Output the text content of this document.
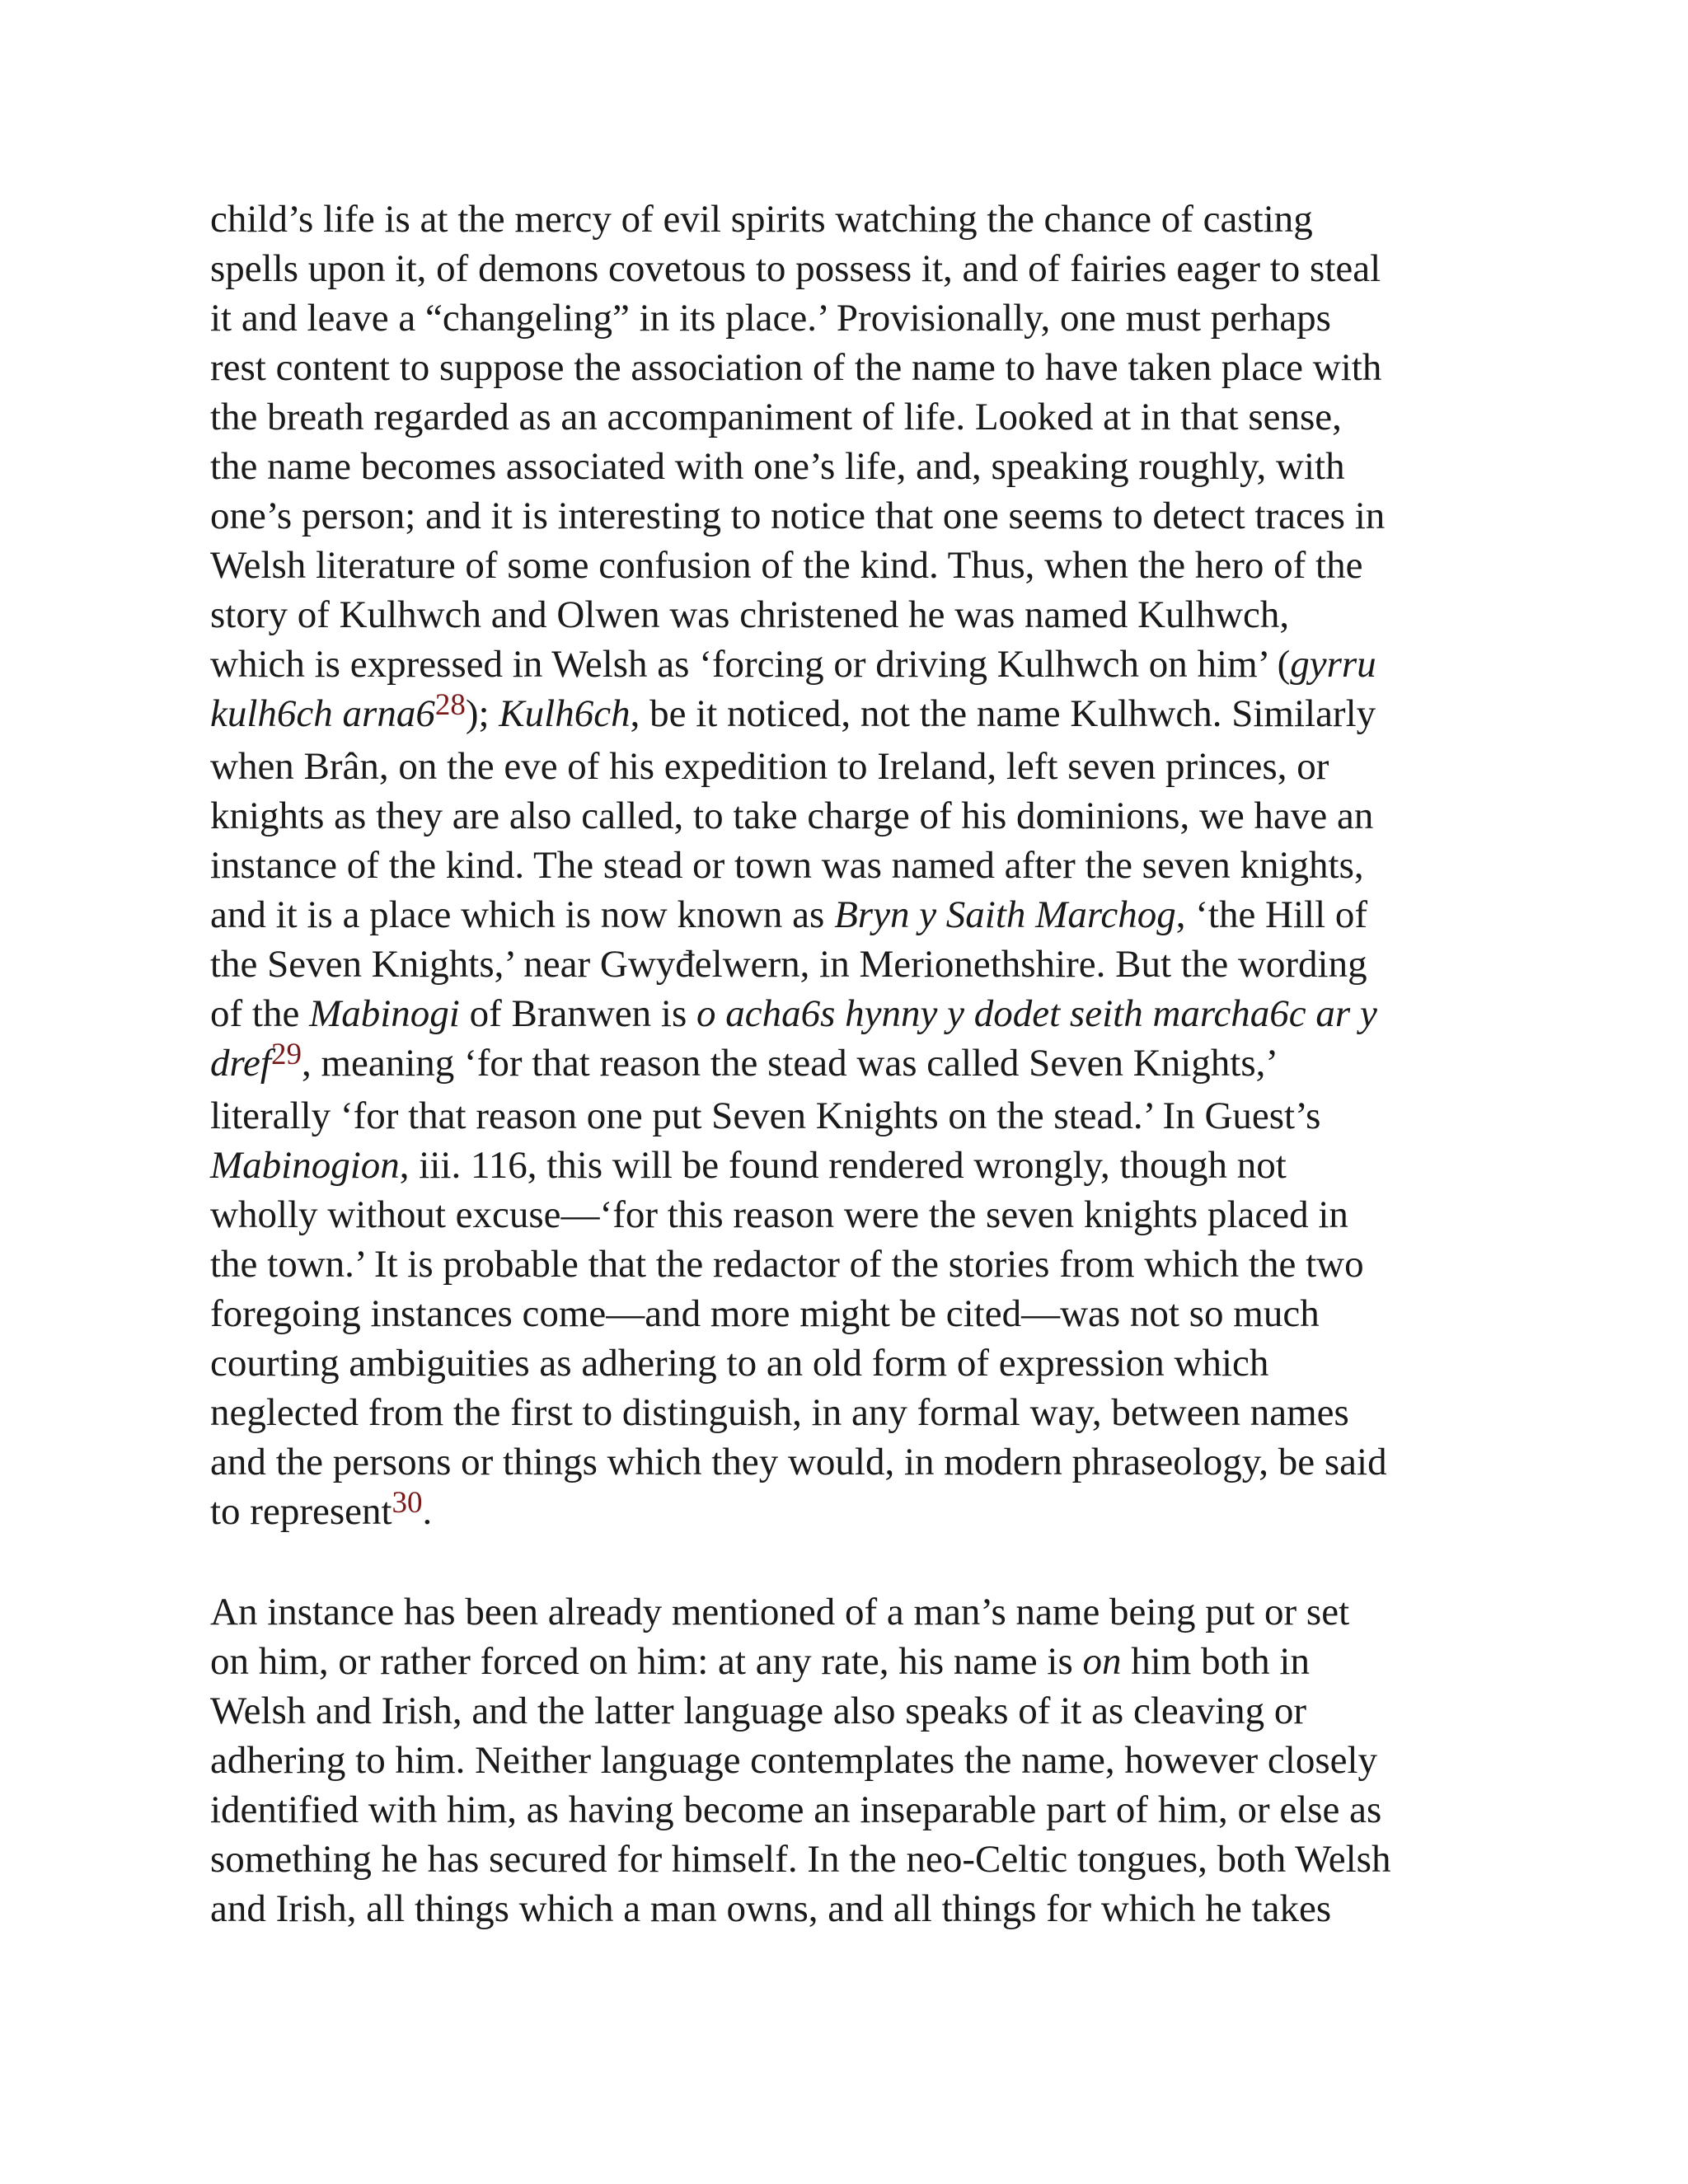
child’s life is at the mercy of evil spirits watching the chance of casting
spells upon it, of demons covetous to possess it, and of fairies eager to steal
it and leave a “changeling” in its place.’ Provisionally, one must perhaps
rest content to suppose the association of the name to have taken place with
the breath regarded as an accompaniment of life. Looked at in that sense,
the name becomes associated with one’s life, and, speaking roughly, with
one’s person; and it is interesting to notice that one seems to detect traces in
Welsh literature of some confusion of the kind. Thus, when the hero of the
story of Kulhwch and Olwen was christened he was named Kulhwch,
which is expressed in Welsh as ‘forcing or driving Kulhwch on him’ (gyrru
kulh6ch arna6$^{28}$); Kulh6ch, be it noticed, not the name Kulhwch. Similarly
when Brân, on the eve of his expedition to Ireland, left seven princes, or
knights as they are also called, to take charge of his dominions, we have an
instance of the kind. The stead or town was named after the seven knights,
and it is a place which is now known as Bryn y Saith Marchog, ‘the Hill of
the Seven Knights,’ near Gwyđelwern, in Merionethshire. But the wording
of the Mabinogi of Branwen is o acha6s hynny y dodet seith marcha6c ar y
dref$^{29}$, meaning ‘for that reason the stead was called Seven Knights,’
literally ‘for that reason one put Seven Knights on the stead.’ In Guest’s
Mabinogion, iii. 116, this will be found rendered wrongly, though not
wholly without excuse—‘for this reason were the seven knights placed in
the town.’ It is probable that the redactor of the stories from which the two
foregoing instances come—and more might be cited—was not so much
courting ambiguities as adhering to an old form of expression which
neglected from the first to distinguish, in any formal way, between names
and the persons or things which they would, in modern phraseology, be said
to represent$^{30}$.

An instance has been already mentioned of a man’s name being put or set
on him, or rather forced on him: at any rate, his name is on him both in
Welsh and Irish, and the latter language also speaks of it as cleaving or
adhering to him. Neither language contemplates the name, however closely
identified with him, as having become an inseparable part of him, or else as
something he has secured for himself. In the neo-Celtic tongues, both Welsh
and Irish, all things which a man owns, and all things for which he takes
